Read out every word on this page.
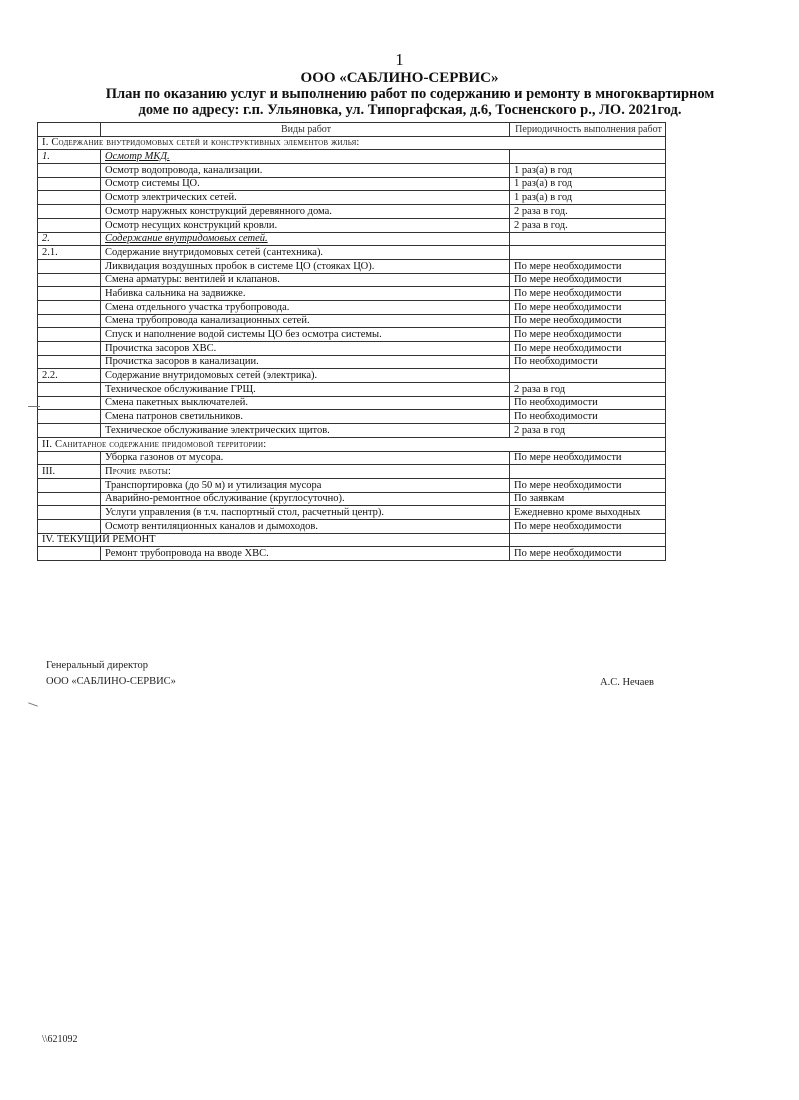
1
ООО «САБЛИНО-СЕРВИС»
План по оказанию услуг и выполнению работ по содержанию и ремонту в многоквартирном
доме по адресу: г.п. Ульяновка, ул. Типоргафская, д.6, Тосненского р., ЛО. 2021год.
	Виды работ	Периодичность выполнения работ
I. Содержание внутридомовых сетей и конструктивных элементов жилья:		
1.	Осмотр МКД.	
	Осмотр водопровода, канализации.	1 раз(а) в год
	Осмотр системы ЦО.	1 раз(а) в год
	Осмотр электрических сетей.	1 раз(а) в год
	Осмотр наружных конструкций деревянного дома.	2 раза в год.
	Осмотр несущих конструкций кровли.	2 раза в год.
2.	Содержание внутридомовых сетей.	
2.1.	Содержание внутридомовых сетей (сантехника).	
	Ликвидация воздушных пробок в системе ЦО (стояках ЦО).	По мере необходимости
	Смена арматуры: вентилей и клапанов.	По мере необходимости
	Набивка сальника на задвижке.	По мере необходимости
	Смена отдельного участка трубопровода.	По мере необходимости
	Смена трубопровода канализационных сетей.	По мере необходимости
	Спуск и наполнение водой системы ЦО без осмотра системы.	По мере необходимости
	Прочистка засоров ХВС.	По мере необходимости
	Прочистка засоров в канализации.	По необходимости
2.2.	Содержание внутридомовых сетей (электрика).	
	Техническое обслуживание ГРЩ.	2 раза в год
	Смена пакетных выключателей.	По необходимости
	Смена патронов светильников.	По необходимости
	Техническое обслуживание электрических щитов.	2 раза в год
II. Санитарное содержание придомовой территории:		
	Уборка газонов от мусора.	По мере необходимости
III.	Прочие работы:	
	Транспортировка (до 50 м) и утилизация мусора	По мере необходимости
	Аварийно-ремонтное обслуживание (круглосуточно).	По заявкам
	Услуги управления (в т.ч. паспортный стол, расчетный центр).	Ежедневно кроме выходных
	Осмотр вентиляционных каналов и дымоходов.	По мере необходимости
IV. ТЕКУЩИЙ РЕМОНТ		
	Ремонт трубопровода на вводе ХВС.	По мере необходимости
Генеральный директор
ООО «САБЛИНО-СЕРВИС»	А.С. Нечаев
\\621092
